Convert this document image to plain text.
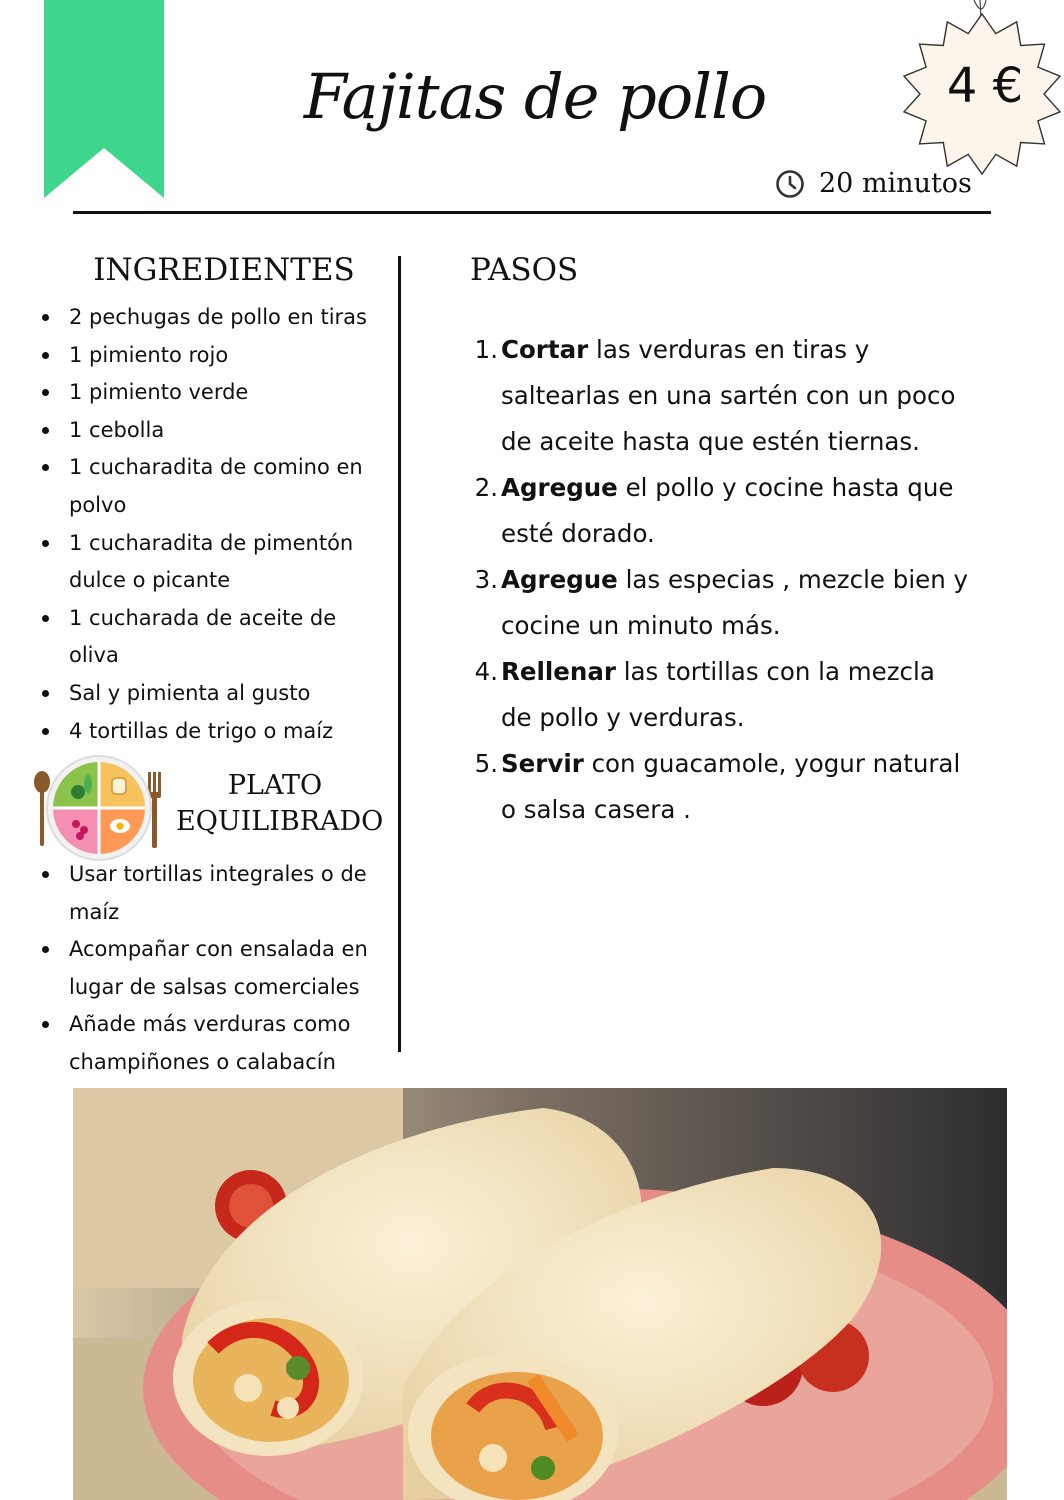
Fajitas de pollo	4 €
20 minutos
INGREDIENTES	PASOS
2 pechugas de pollo en tiras
1 pimiento rojo
1 pimiento verde
1 cebolla
1 cucharadita de comino en polvo
1 cucharadita de pimentón dulce o picante
1 cucharada de aceite de oliva
Sal y pimienta al gusto
4 tortillas de trigo o maíz
PLATO EQUILIBRADO
Usar tortillas integrales o de maíz
Acompañar con ensalada en lugar de salsas comerciales
Añade más verduras como champiñones o calabacín
1. Cortar las verduras en tiras y saltearlas en una sartén con un poco de aceite hasta que estén tiernas.
2. Agregue el pollo y cocine hasta que esté dorado.
3. Agregue las especias , mezcle bien y cocine un minuto más.
4. Rellenar las tortillas con la mezcla de pollo y verduras.
5. Servir con guacamole, yogur natural o salsa casera .
